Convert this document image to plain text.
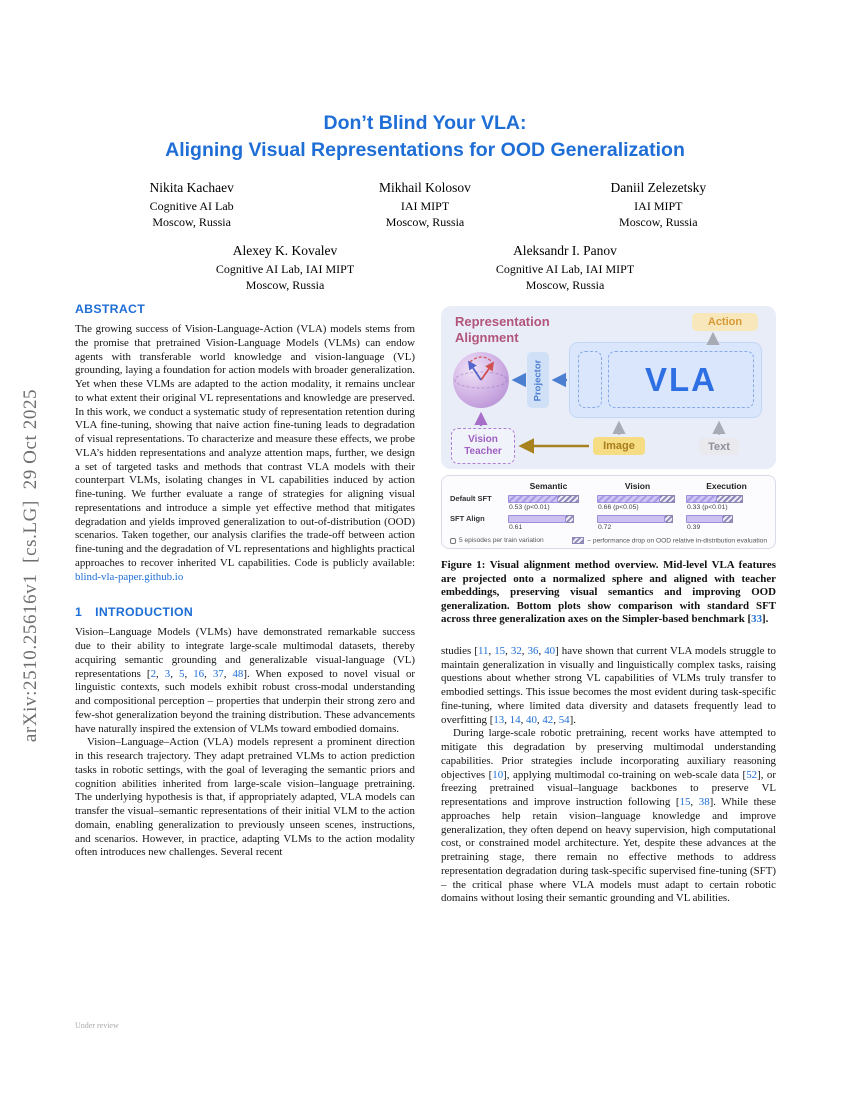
arXiv:2510.25616v1  [cs.LG]  29 Oct 2025
Don’t Blind Your VLA:
Aligning Visual Representations for OOD Generalization
Nikita Kachaev
Cognitive AI Lab
Moscow, Russia
Mikhail Kolosov
IAI MIPT
Moscow, Russia
Daniil Zelezetsky
IAI MIPT
Moscow, Russia
Alexey K. Kovalev
Cognitive AI Lab, IAI MIPT
Moscow, Russia
Aleksandr I. Panov
Cognitive AI Lab, IAI MIPT
Moscow, Russia
ABSTRACT

The growing success of Vision-Language-Action (VLA) models stems from the promise that pretrained Vision-Language Models (VLMs) can endow agents with transferable world knowledge and vision-language (VL) grounding, laying a foundation for action models with broader generalization. Yet when these VLMs are adapted to the action modality, it remains unclear to what extent their original VL representations and knowledge are preserved. In this work, we conduct a systematic study of representation retention during VLA fine-tuning, showing that naive action fine-tuning leads to degradation of visual representations. To characterize and measure these effects, we probe VLA’s hidden representations and analyze attention maps, further, we design a set of targeted tasks and methods that contrast VLA models with their counterpart VLMs, isolating changes in VL capabilities induced by action fine-tuning. We further evaluate a range of strategies for aligning visual representations and introduce a simple yet effective method that mitigates degradation and yields improved generalization to out-of-distribution (OOD) scenarios. Taken together, our analysis clarifies the trade-off between action fine-tuning and the degradation of VL representations and highlights practical approaches to recover inherited VL capabilities. Code is publicly available: blind-vla-paper.github.io

1 INTRODUCTION

Vision–Language Models (VLMs) have demonstrated remarkable success due to their ability to integrate large-scale multimodal datasets, thereby acquiring semantic grounding and generalizable visual-language (VL) representations [2, 3, 5, 16, 37, 48]. When exposed to novel visual or linguistic contexts, such models exhibit robust cross-modal understanding and compositional perception – properties that underpin their strong zero and few-shot generalization beyond the training distribution. These advancements have naturally inspired the extension of VLMs toward embodied domains.

Vision–Language–Action (VLA) models represent a prominent direction in this research trajectory. They adapt pretrained VLMs to action prediction tasks in robotic settings, with the goal of leveraging the semantic priors and cognition abilities inherited from large-scale vision–language pretraining. The underlying hypothesis is that, if appropriately adapted, VLA models can transfer the visual–semantic representations of their initial VLM to the action domain, enabling generalization to previously unseen scenes, instructions, and scenarios. However, in practice, adapting VLMs to the action modality often introduces new challenges. Several recent

Representation
Alignment
Action
Projector	VLA
Vision
Teacher	Image	Text
Semantic	Vision	Execution
Default SFT
0.53 (p<0.01)	0.66 (p<0.05)	0.33 (p<0.01)
SFT Align
0.61	0.72	0.39
5 episodes per train variation	– performance drop on OOD relative in-distribution evaluation
Figure 1: Visual alignment method overview. Mid-level VLA features are projected onto a normalized sphere and aligned with teacher embeddings, preserving visual semantics and improving OOD generalization. Bottom plots show comparison with standard SFT across three generalization axes on the Simpler-based benchmark [33].

studies [11, 15, 32, 36, 40] have shown that current VLA models struggle to maintain generalization in visually and linguistically complex tasks, raising questions about whether strong VL capabilities of VLMs truly transfer to embodied settings. This issue becomes the most evident during task-specific fine-tuning, where limited data diversity and datasets frequently lead to overfitting [13, 14, 40, 42, 54].

During large-scale robotic pretraining, recent works have attempted to mitigate this degradation by preserving multimodal understanding capabilities. Prior strategies include incorporating auxiliary reasoning objectives [10], applying multimodal co-training on web-scale data [52], or freezing pretrained visual–language backbones to preserve VL representations and improve instruction following [15, 38]. While these approaches help retain vision–language knowledge and improve generalization, they often depend on heavy supervision, high computational cost, or constrained model architecture. Yet, despite these advances at the pretraining stage, there remain no effective methods to address representation degradation during task-specific supervised fine-tuning (SFT) – the critical phase where VLA models must adapt to certain robotic domains without losing their semantic grounding and VL abilities.

Under review
